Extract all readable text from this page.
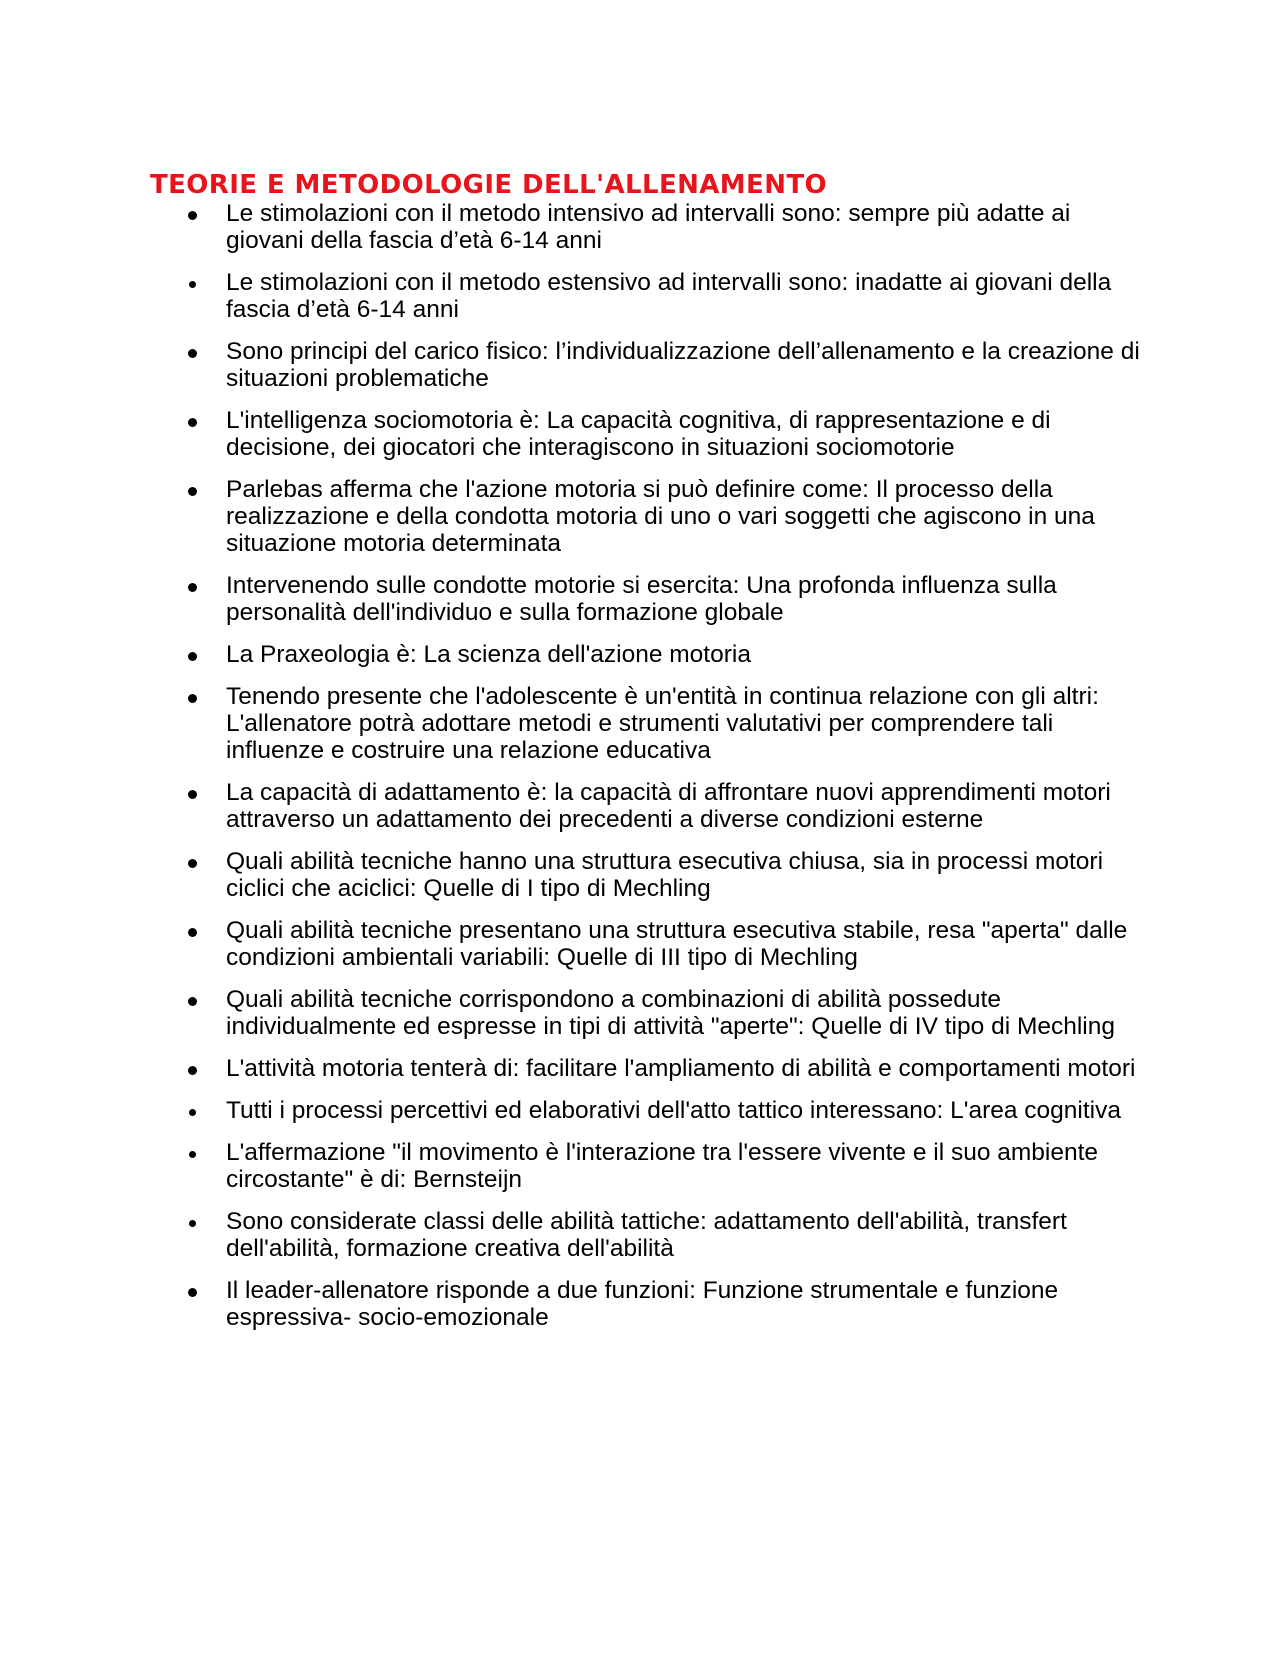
TEORIE E METODOLOGIE DELL'ALLENAMENTO
Le stimolazioni con il metodo intensivo ad intervalli sono: sempre più adatte ai giovani della fascia d’età 6-14 anni
Le stimolazioni con il metodo estensivo ad intervalli sono: inadatte ai giovani della fascia d’età 6-14 anni
Sono principi del carico fisico: l’individualizzazione dell’allenamento e la creazione di situazioni problematiche
L'intelligenza sociomotoria è: La capacità cognitiva, di rappresentazione e di decisione, dei giocatori che interagiscono in situazioni sociomotorie
Parlebas afferma che l'azione motoria si può definire come: Il processo della realizzazione e della condotta motoria di uno o vari soggetti che agiscono in una situazione motoria determinata
Intervenendo sulle condotte motorie si esercita: Una profonda influenza sulla personalità dell'individuo e sulla formazione globale
La Praxeologia è: La scienza dell'azione motoria
Tenendo presente che l'adolescente è un'entità in continua relazione con gli altri: L'allenatore potrà adottare metodi e strumenti valutativi per comprendere tali influenze e costruire una relazione educativa
La capacità di adattamento è: la capacità di affrontare nuovi apprendimenti motori attraverso un adattamento dei precedenti a diverse condizioni esterne
Quali abilità tecniche hanno una struttura esecutiva chiusa, sia in processi motori ciclici che aciclici: Quelle di I tipo di Mechling
Quali abilità tecniche presentano una struttura esecutiva stabile, resa "aperta" dalle condizioni ambientali variabili: Quelle di III tipo di Mechling
Quali abilità tecniche corrispondono a combinazioni di abilità possedute individualmente ed espresse in tipi di attività "aperte": Quelle di IV tipo di Mechling
L'attività motoria tenterà di: facilitare l'ampliamento di abilità e comportamenti motori
Tutti i processi percettivi ed elaborativi dell'atto tattico interessano: L'area cognitiva
L'affermazione "il movimento è l'interazione tra l'essere vivente e il suo ambiente circostante" è di: Bernsteijn
Sono considerate classi delle abilità tattiche: adattamento dell'abilità, transfert dell'abilità, formazione creativa dell'abilità
Il leader-allenatore risponde a due funzioni: Funzione strumentale e funzione espressiva- socio-emozionale
